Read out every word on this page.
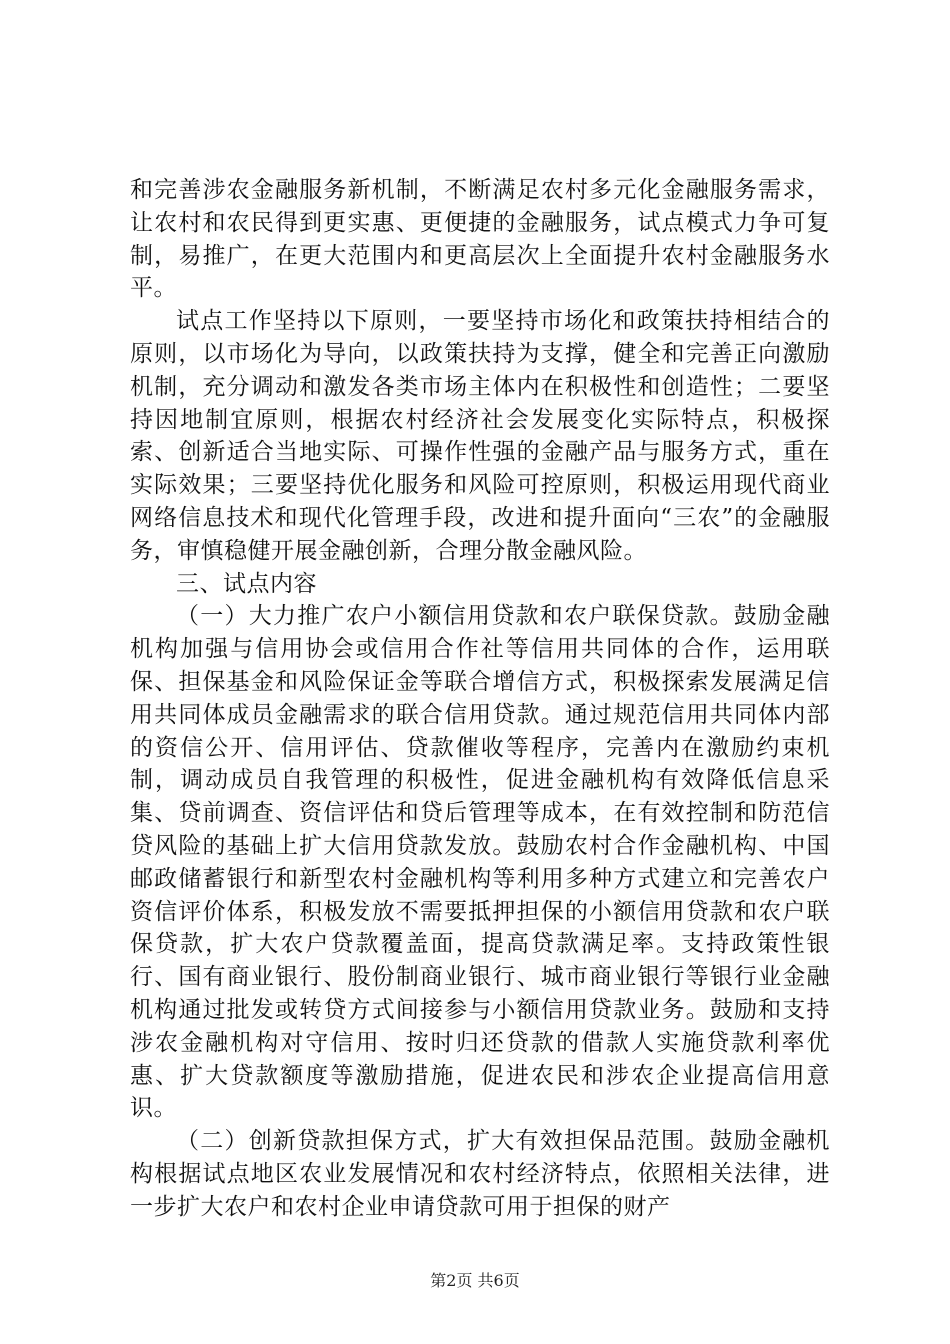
和完善涉农金融服务新机制，不断满足农村多元化金融服务需求，让农村和农民得到更实惠、更便捷的金融服务，试点模式力争可复制，易推广，在更大范围内和更高层次上全面提升农村金融服务水平。

试点工作坚持以下原则，一要坚持市场化和政策扶持相结合的原则，以市场化为导向，以政策扶持为支撑，健全和完善正向激励机制，充分调动和激发各类市场主体内在积极性和创造性；二要坚持因地制宜原则，根据农村经济社会发展变化实际特点，积极探索、创新适合当地实际、可操作性强的金融产品与服务方式，重在实际效果；三要坚持优化服务和风险可控原则，积极运用现代商业网络信息技术和现代化管理手段，改进和提升面向“三农”的金融服务，审慎稳健开展金融创新，合理分散金融风险。

三、试点内容

（一）大力推广农户小额信用贷款和农户联保贷款。鼓励金融机构加强与信用协会或信用合作社等信用共同体的合作，运用联保、担保基金和风险保证金等联合增信方式，积极探索发展满足信用共同体成员金融需求的联合信用贷款。通过规范信用共同体内部的资信公开、信用评估、贷款催收等程序，完善内在激励约束机制，调动成员自我管理的积极性，促进金融机构有效降低信息采集、贷前调查、资信评估和贷后管理等成本，在有效控制和防范信贷风险的基础上扩大信用贷款发放。鼓励农村合作金融机构、中国邮政储蓄银行和新型农村金融机构等利用多种方式建立和完善农户资信评价体系，积极发放不需要抵押担保的小额信用贷款和农户联保贷款，扩大农户贷款覆盖面，提高贷款满足率。支持政策性银行、国有商业银行、股份制商业银行、城市商业银行等银行业金融机构通过批发或转贷方式间接参与小额信用贷款业务。鼓励和支持涉农金融机构对守信用、按时归还贷款的借款人实施贷款利率优惠、扩大贷款额度等激励措施，促进农民和涉农企业提高信用意识。

（二）创新贷款担保方式，扩大有效担保品范围。鼓励金融机构根据试点地区农业发展情况和农村经济特点，依照相关法律，进一步扩大农户和农村企业申请贷款可用于担保的财产

第2页 共6页
